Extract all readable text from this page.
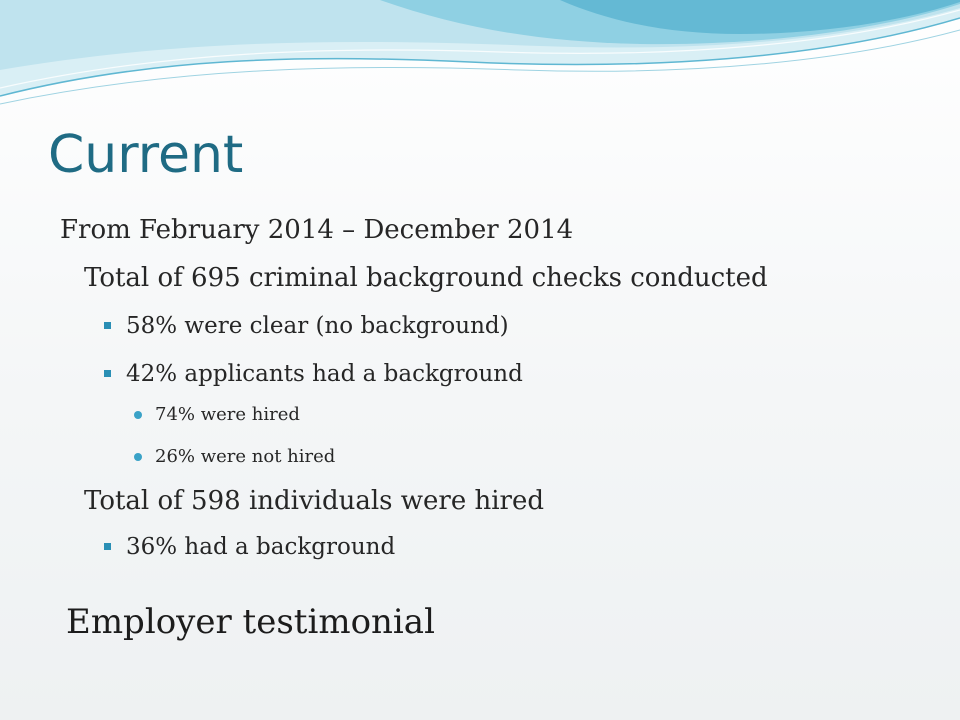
Current
From February 2014 – December 2014
Total of 695 criminal background checks conducted
58% were clear (no background)
42% applicants had a background
74% were hired
26% were not hired
Total of 598 individuals were hired
36% had a background
Employer testimonial
